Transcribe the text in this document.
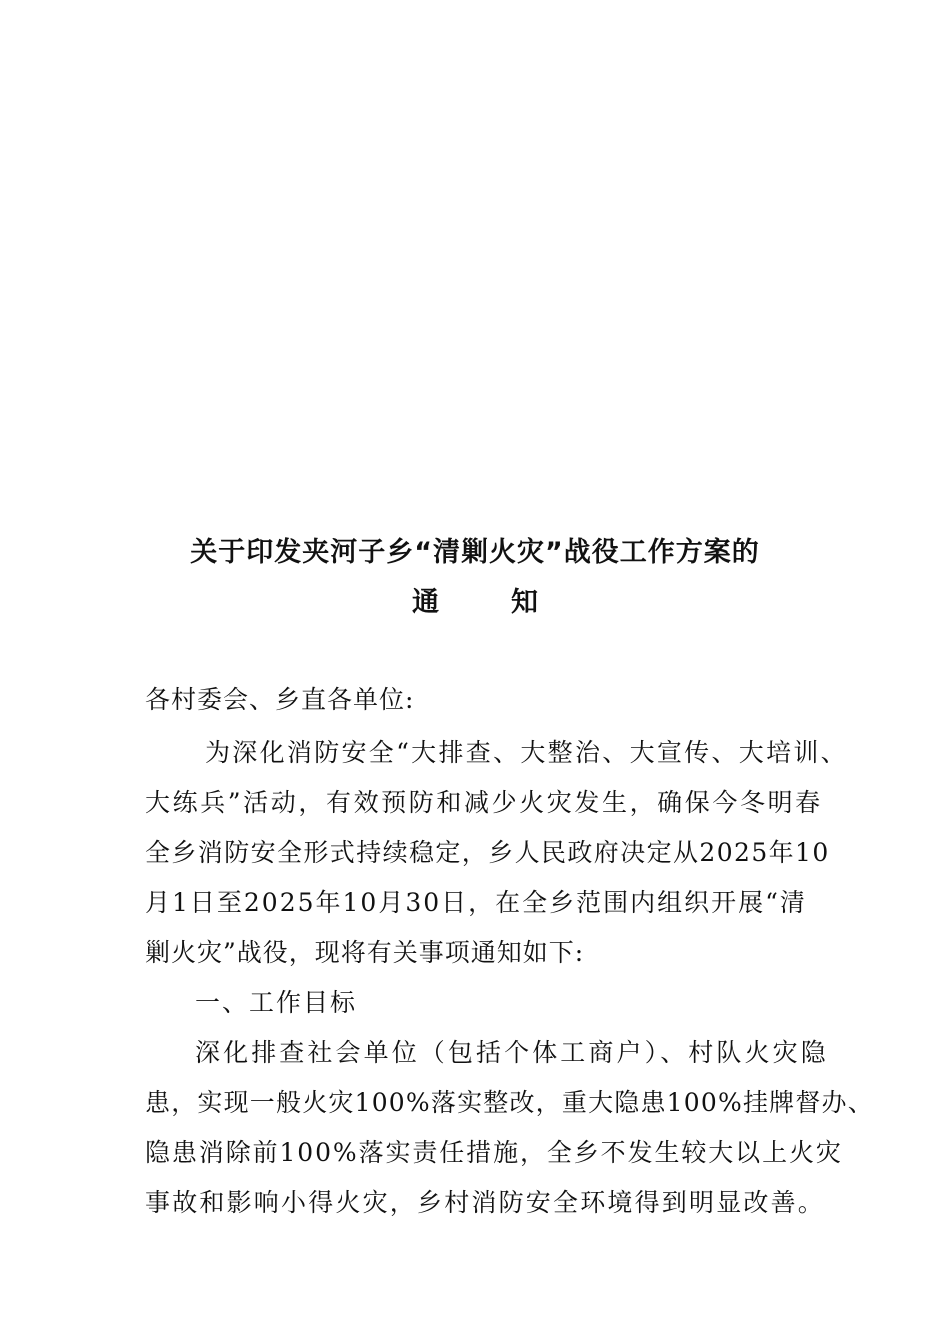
关于印发夹河子乡“清剿火灾”战役工作方案的
通	知
各村委会、乡直各单位:
为深化消防安全“大排查、大整治、大宣传、大培训、
大练兵”活动，有效预防和减少火灾发生，确保今冬明春
全乡消防安全形式持续稳定，乡人民政府决定从2025年10
月1日至2025年10月30日，在全乡范围内组织开展“清
剿火灾”战役，现将有关事项通知如下:
一、工作目标
深化排查社会单位（包括个体工商户）、村队火灾隐
患，实现一般火灾100%落实整改，重大隐患100%挂牌督办、
隐患消除前100%落实责任措施，全乡不发生较大以上火灾
事故和影响小得火灾，乡村消防安全环境得到明显改善。
